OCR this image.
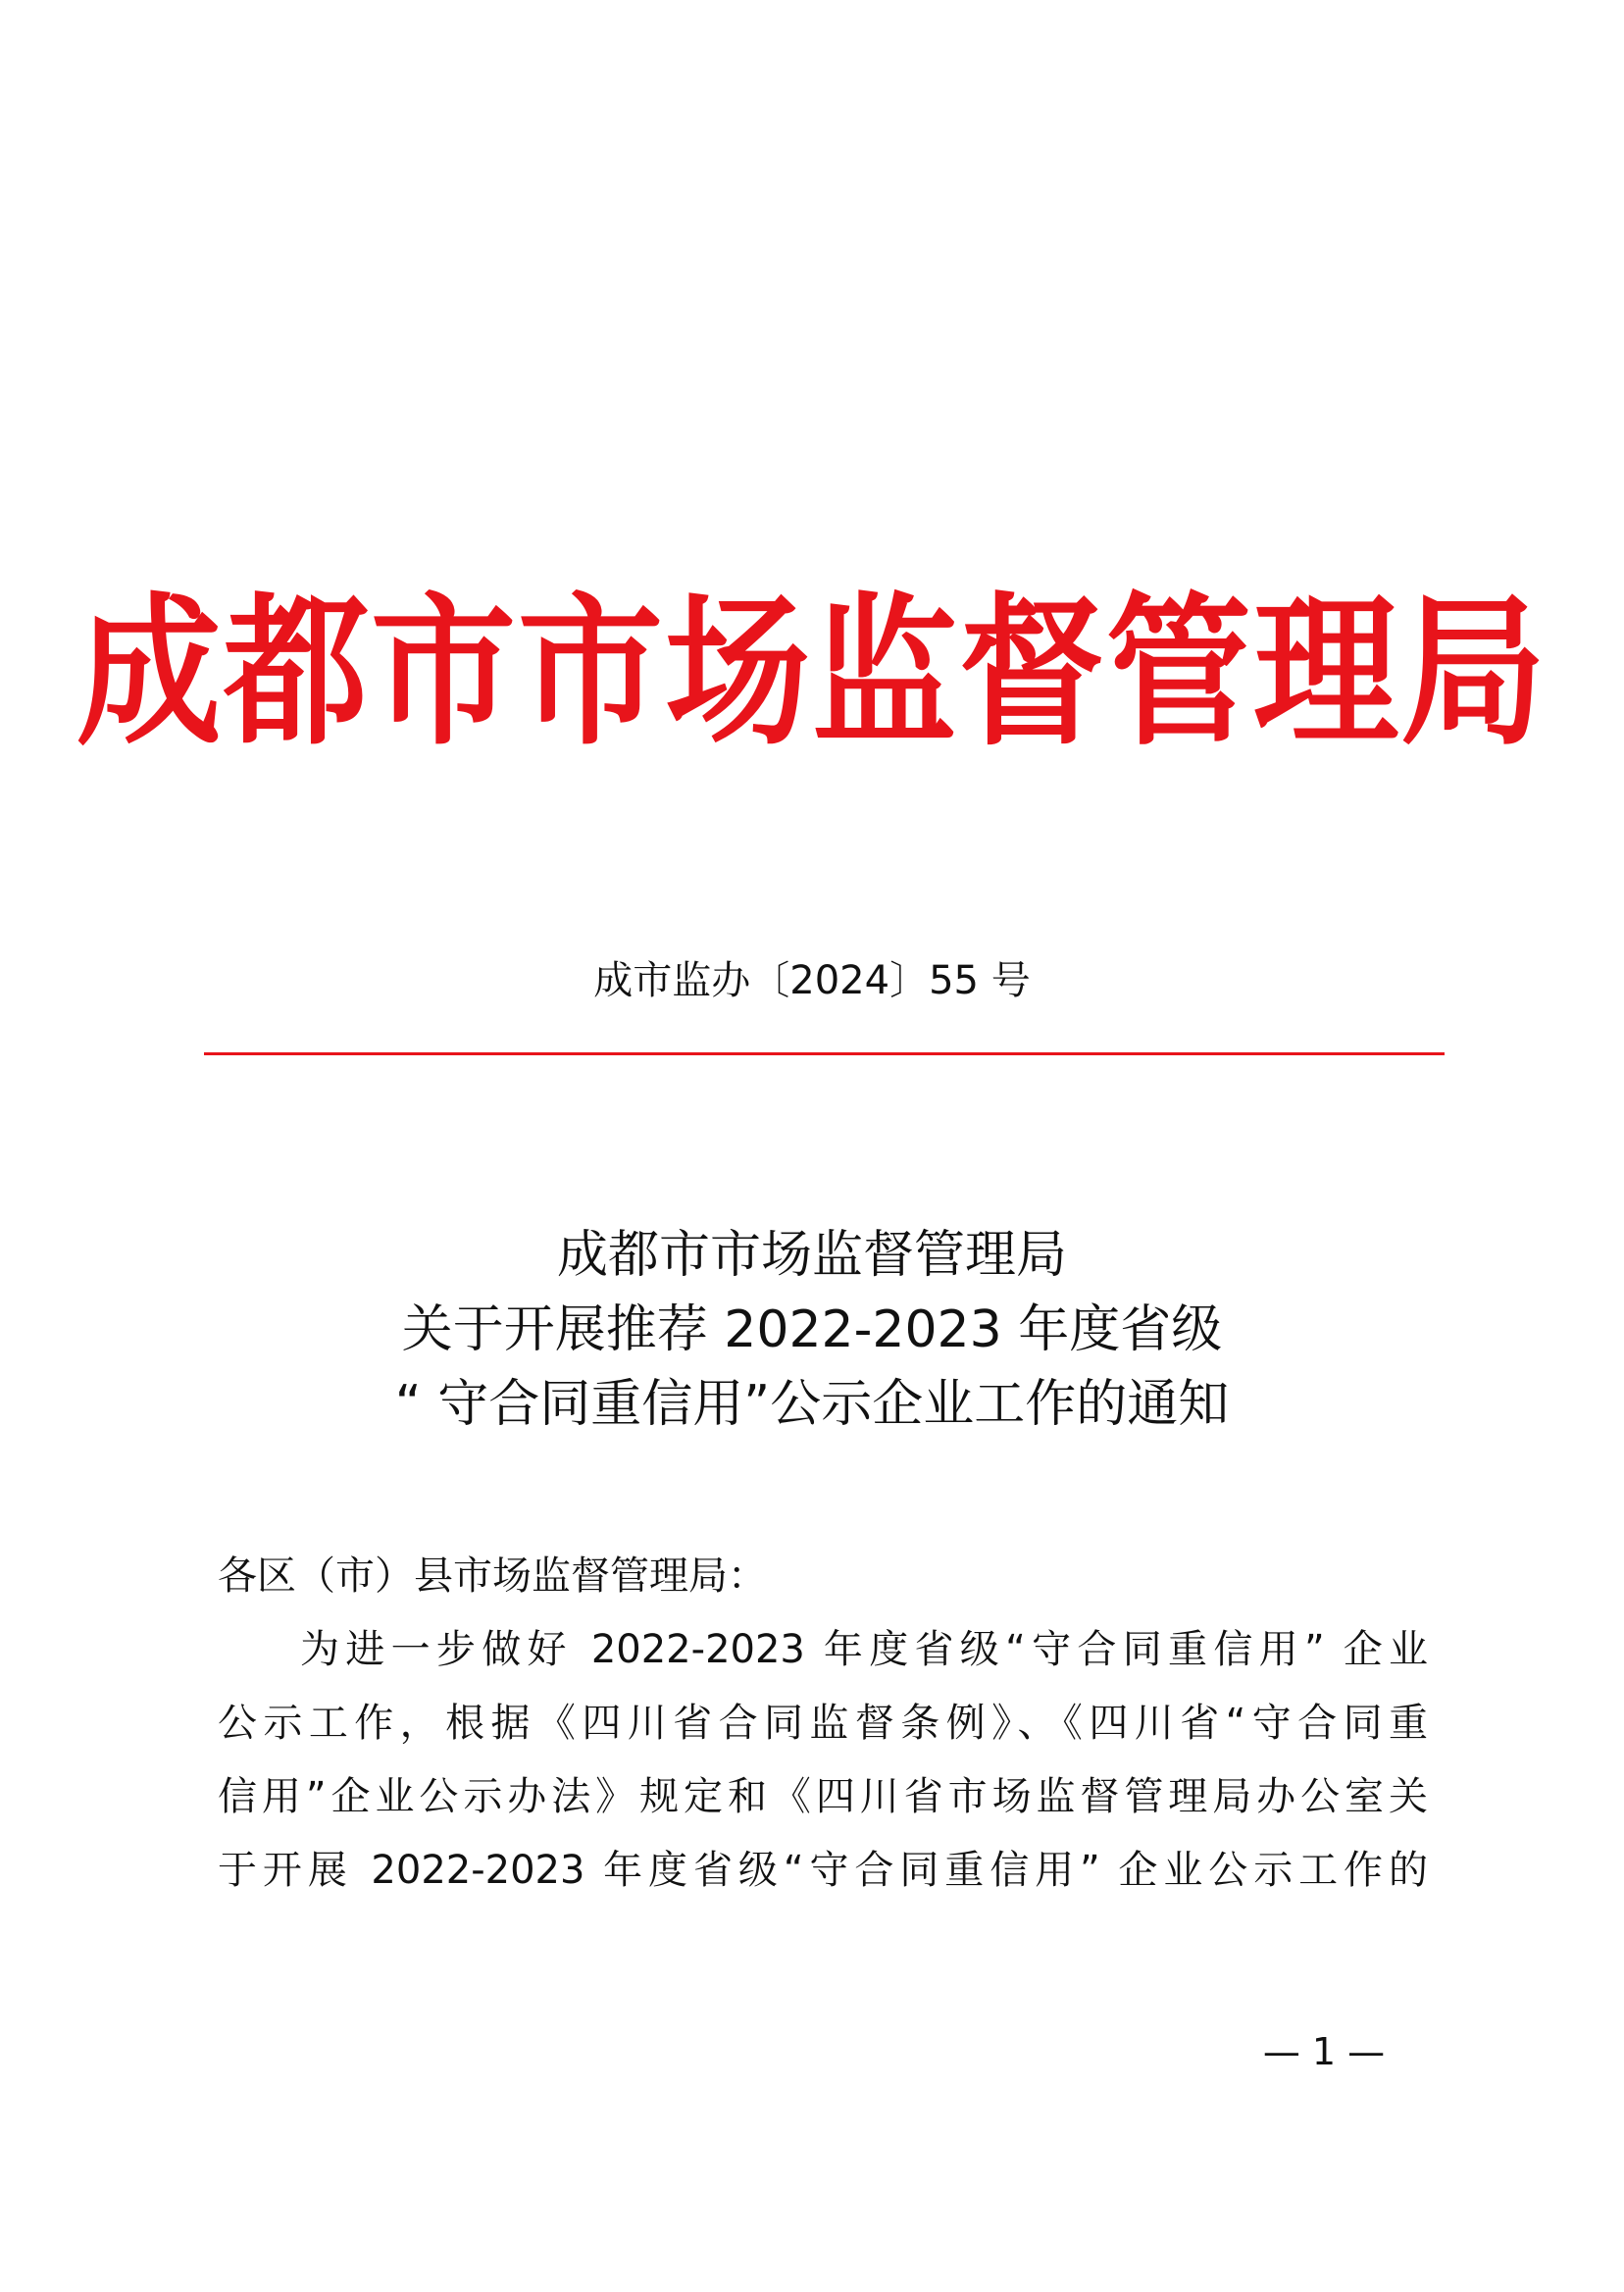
成都市市场监督管理局
成市监办〔2024〕55 号
成都市市场监督管理局
关于开展推荐 2022-2023 年度省级
“ 守合同重信用”公示企业工作的通知
各区（市）县市场监督管理局：
为进一步做好 2022-2023 年度省级“守合同重信用” 企业
公示工作，根据《四川省合同监督条例》、《四川省“守合同重
信用”企业公示办法》规定和《四川省市场监督管理局办公室关
于开展 2022-2023 年度省级“守合同重信用” 企业公示工作的
— 1 —
